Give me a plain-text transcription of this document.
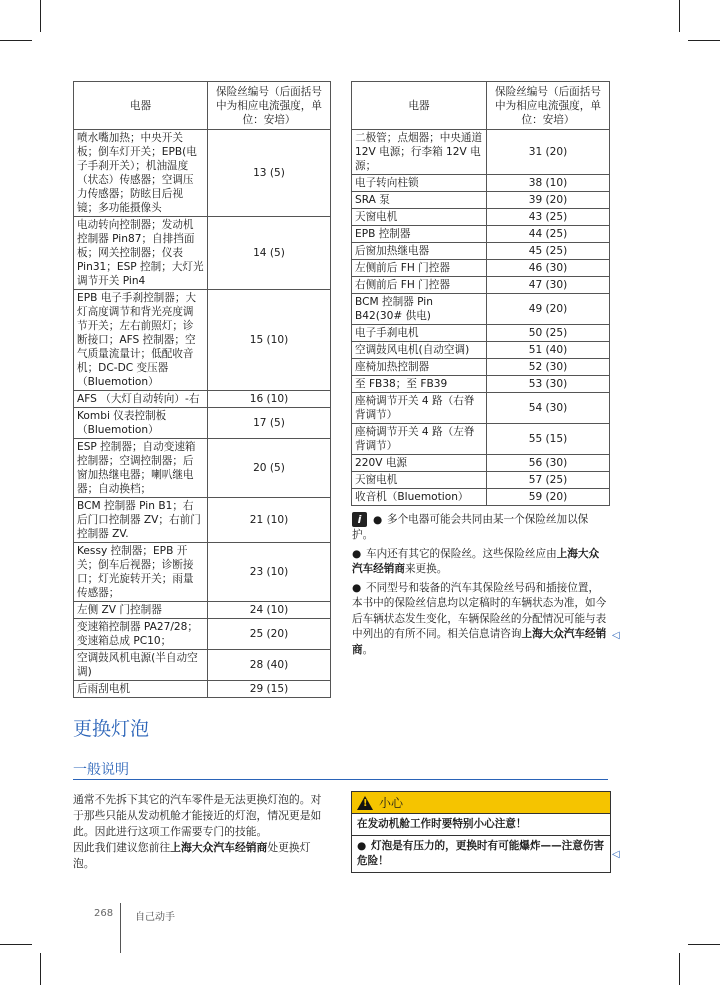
电器	保险丝编号（后面括号中为相应电流强度，单位：安培）
喷水嘴加热；中央开关板；倒车灯开关；EPB(电子手刹开关）；机油温度（状态）传感器；空调压力传感器；防眩目后视镜；多功能摄像头	13 (5)
电动转向控制器；发动机控制器 Pin87；自排挡面板；网关控制器；仪表 Pin31；ESP 控制；大灯光调节开关 Pin4	14 (5)
EPB 电子手刹控制器；大灯高度调节和背光亮度调节开关；左右前照灯；诊断接口；AFS 控制器；空气质量流量计；低配收音机；DC-DC 变压器（Bluemotion）	15 (10)
AFS （大灯自动转向）-右	16 (10)
Kombi 仪表控制板（Bluemotion）	17 (5)
ESP 控制器；自动变速箱控制器；空调控制器；后窗加热继电器；喇叭继电器；自动换档；	20 (5)
BCM 控制器 Pin B1；右后门口控制器 ZV；右前门控制器 ZV.	21 (10)
Kessy 控制器；EPB 开关；倒车后视器；诊断接口；灯光旋转开关；雨量传感器；	23 (10)
左侧 ZV 门控制器	24 (10)
变速箱控制器 PA27/28；变速箱总成 PC10；	25 (20)
空调鼓风机电源(半自动空调)	28 (40)
后雨刮电机	29 (15)
电器	保险丝编号（后面括号中为相应电流强度，单位：安培）
二极管；点烟器；中央通道 12V 电源；行李箱 12V 电源；	31 (20)
电子转向柱锁	38 (10)
SRA 泵	39 (20)
天窗电机	43 (25)
EPB 控制器	44 (25)
后窗加热继电器	45 (25)
左侧前后 FH 门控器	46 (30)
右侧前后 FH 门控器	47 (30)
BCM 控制器 Pin B42(30# 供电)	49 (20)
电子手刹电机	50 (25)
空调鼓风电机(自动空调)	51 (40)
座椅加热控制器	52 (30)
至 FB38；至 FB39	53 (30)
座椅调节开关 4 路（右脊背调节）	54 (30)
座椅调节开关 4 路（左脊背调节）	55 (15)
220V 电源	56 (30)
天窗电机	57 (25)
收音机（Bluemotion）	59 (20)

i ● 多个电器可能会共同由某一个保险丝加以保护。

● 车内还有其它的保险丝。这些保险丝应由上海大众汽车经销商来更换。

● 不同型号和装备的汽车其保险丝号码和插接位置，本书中的保险丝信息均以定稿时的车辆状态为准，如今后车辆状态发生变化，车辆保险丝的分配情况可能与表中列出的有所不同。相关信息请咨询上海大众汽车经销商。

◁
更换灯泡
一般说明
通常不先拆下其它的汽车零件是无法更换灯泡的。对于那些只能从发动机舱才能接近的灯泡，情况更是如此。因此进行这项工作需要专门的技能。
因此我们建议您前往上海大众汽车经销商处更换灯泡。
! 小心
在发动机舱工作时要特别小心注意！
● 灯泡是有压力的，更换时有可能爆炸——注意伤害危险！
◁
268 自己动手
